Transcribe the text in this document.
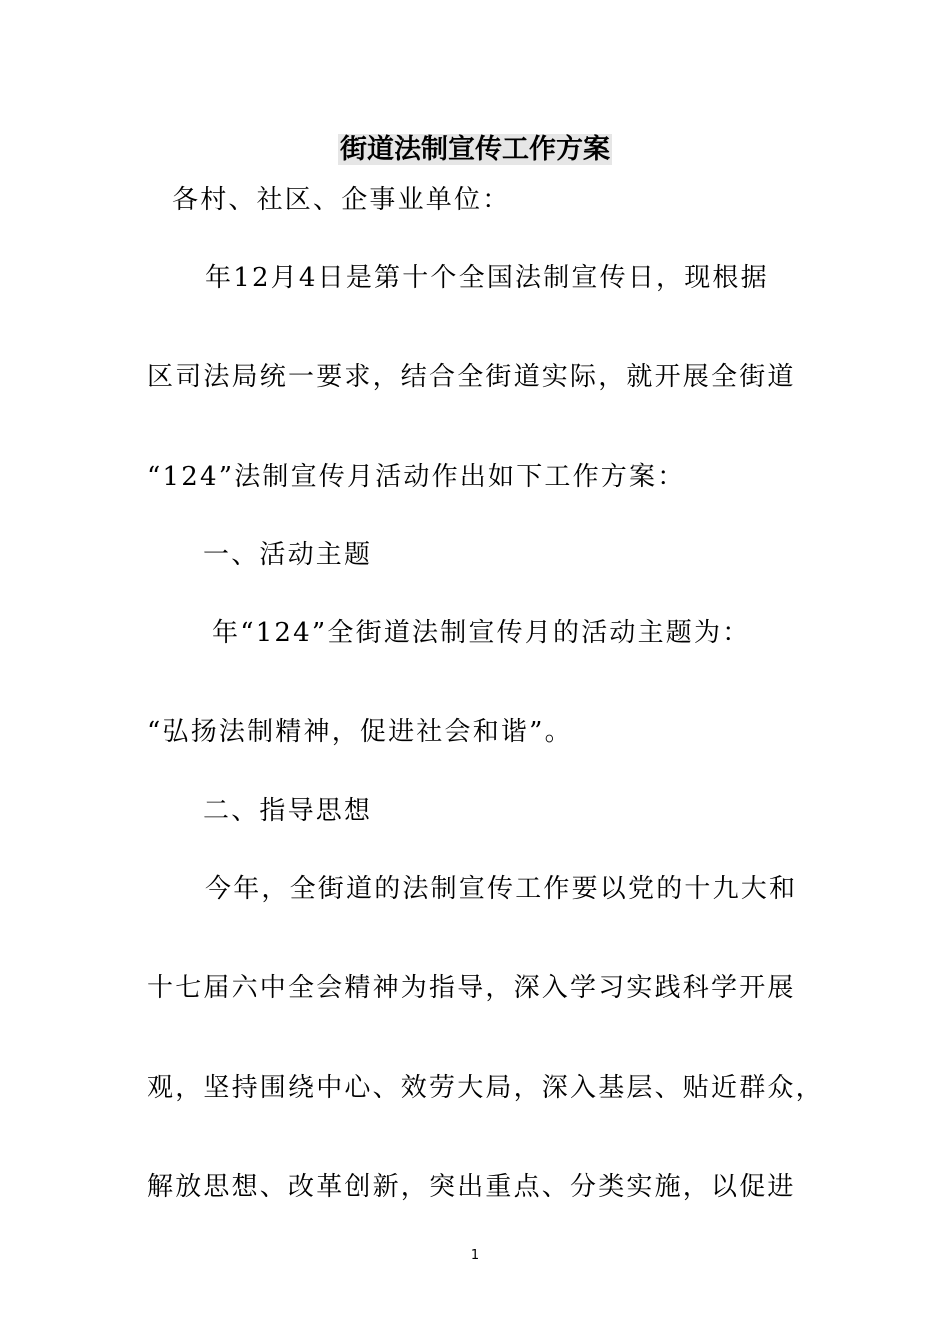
街道法制宣传工作方案
各村、社区、企事业单位：
年12月4日是第十个全国法制宣传日，现根据
区司法局统一要求，结合全街道实际，就开展全街道
“124”法制宣传月活动作出如下工作方案：
一、活动主题
年“124”全街道法制宣传月的活动主题为：
“弘扬法制精神，促进社会和谐”。
二、指导思想
今年，全街道的法制宣传工作要以党的十九大和
十七届六中全会精神为指导，深入学习实践科学开展
观，坚持围绕中心、效劳大局，深入基层、贴近群众，
解放思想、改革创新，突出重点、分类实施，以促进
1
